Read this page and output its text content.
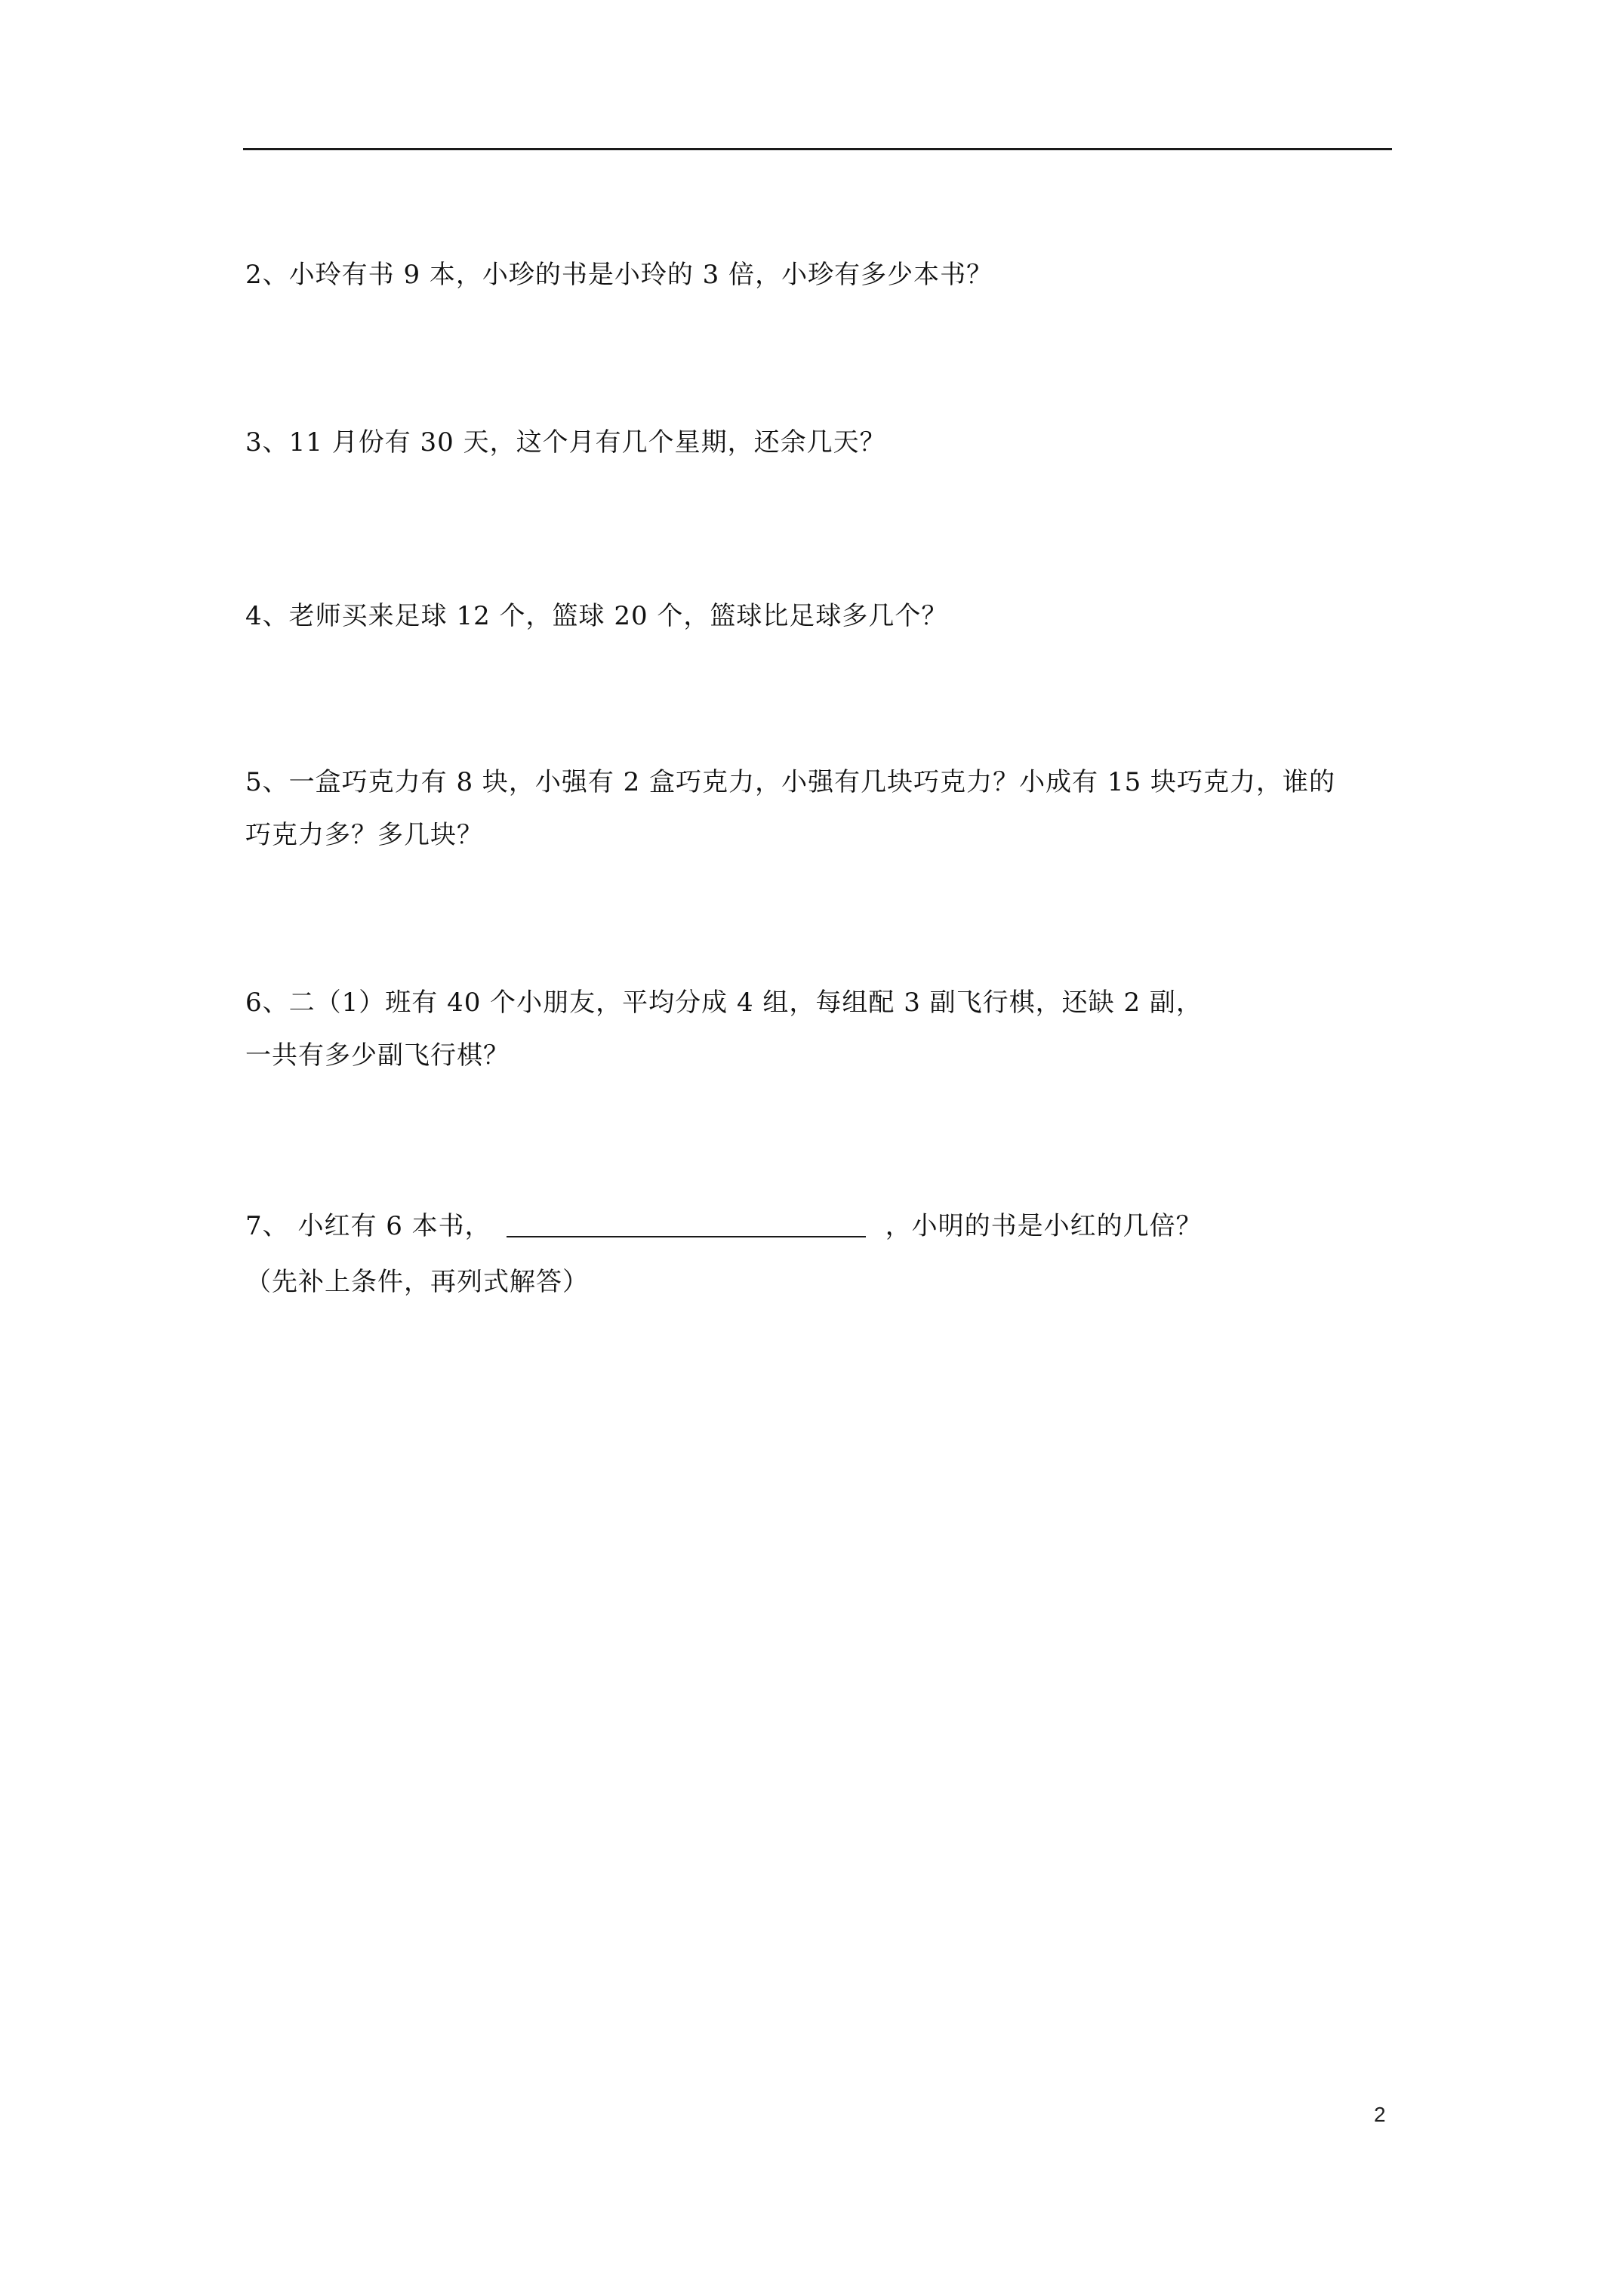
2、小玲有书 9 本，小珍的书是小玲的 3 倍，小珍有多少本书？
3、11 月份有 30 天，这个月有几个星期，还余几天？
4、老师买来足球 12 个，篮球 20 个，篮球比足球多几个？
5、一盒巧克力有 8 块，小强有 2 盒巧克力，小强有几块巧克力？小成有 15 块巧克力，谁的
巧克力多？多几块？
6、二（1）班有 40 个小朋友，平均分成 4 组，每组配 3 副飞行棋，还缺 2 副，
一共有多少副飞行棋？
7、 小红有 6 本书，	，小明的书是小红的几倍？
（先补上条件，再列式解答）
2
